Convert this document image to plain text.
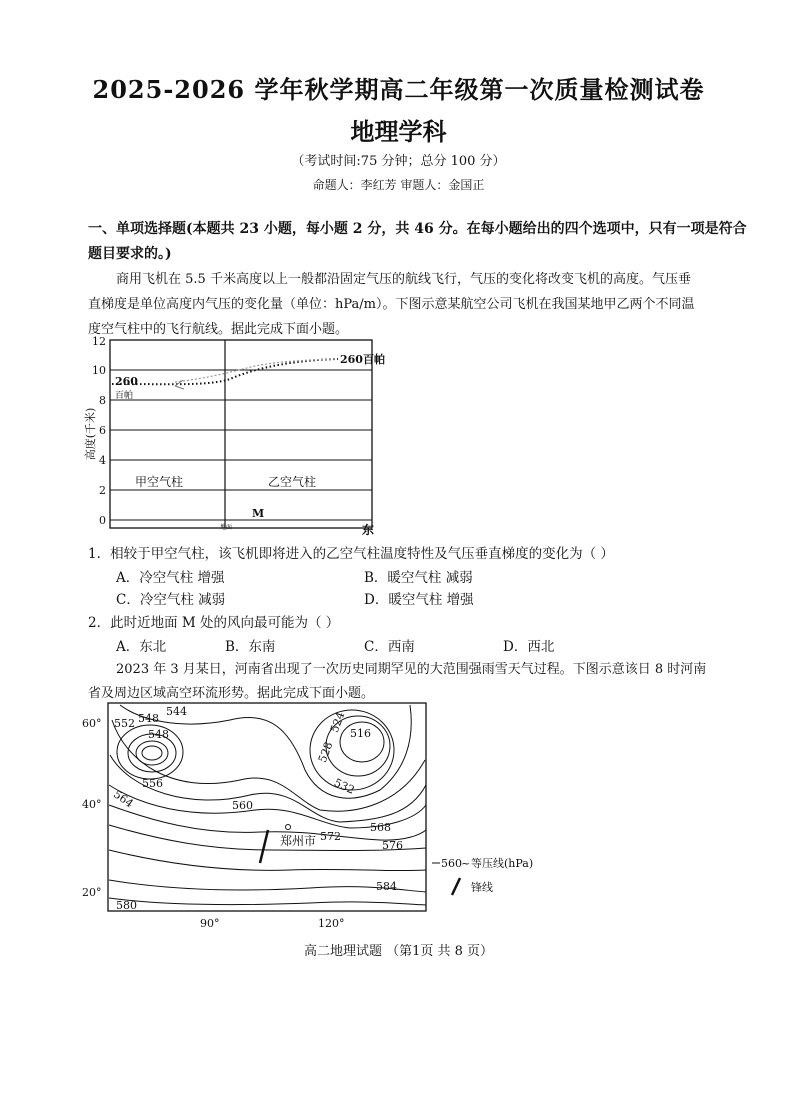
2025-2026 学年秋学期高二年级第一次质量检测试卷
地理学科
（考试时间:75 分钟；总分 100 分）
命题人：李红芳 审题人：金国正
一、单项选择题(本题共 23 小题，每小题 2 分，共 46 分。在每小题给出的四个选项中，只有一项是符合
题目要求的。)
商用飞机在 5.5 千米高度以上一般都沿固定气压的航线飞行，气压的变化将改变飞机的高度。气压垂
直梯度是单位高度内气压的变化量（单位：hPa/m）。下图示意某航空公司飞机在我国某地甲乙两个不同温
度空气柱中的飞行航线。据此完成下面小题。
0
2
4
6
8
10
12
高度(千米)
260
百帕
260百帕
甲空气柱	乙空气柱
M
地面	东
1．相较于甲空气柱，该飞机即将进入的乙空气柱温度特性及气压垂直梯度的变化为（ ）
A．冷空气柱 增强	B．暖空气柱 减弱
C．冷空气柱 减弱	D．暖空气柱 增强
2．此时近地面 M 处的风向最可能为（ ）
A．东北	B．东南	C．西南	D．西北
2023 年 3 月某日，河南省出现了一次历史同期罕见的大范围强雨雪天气过程。下图示意该日 8 时河南
省及周边区域高空环流形势。据此完成下面小题。
60°
40°
20°
90°	120°
552 548
544
548
556
564	560
524 516
528
532
568
572
576
584
580
郑州市
560 ~ 等压线(hPa)
锋线
高二地理试题 （第1页 共 8 页）
